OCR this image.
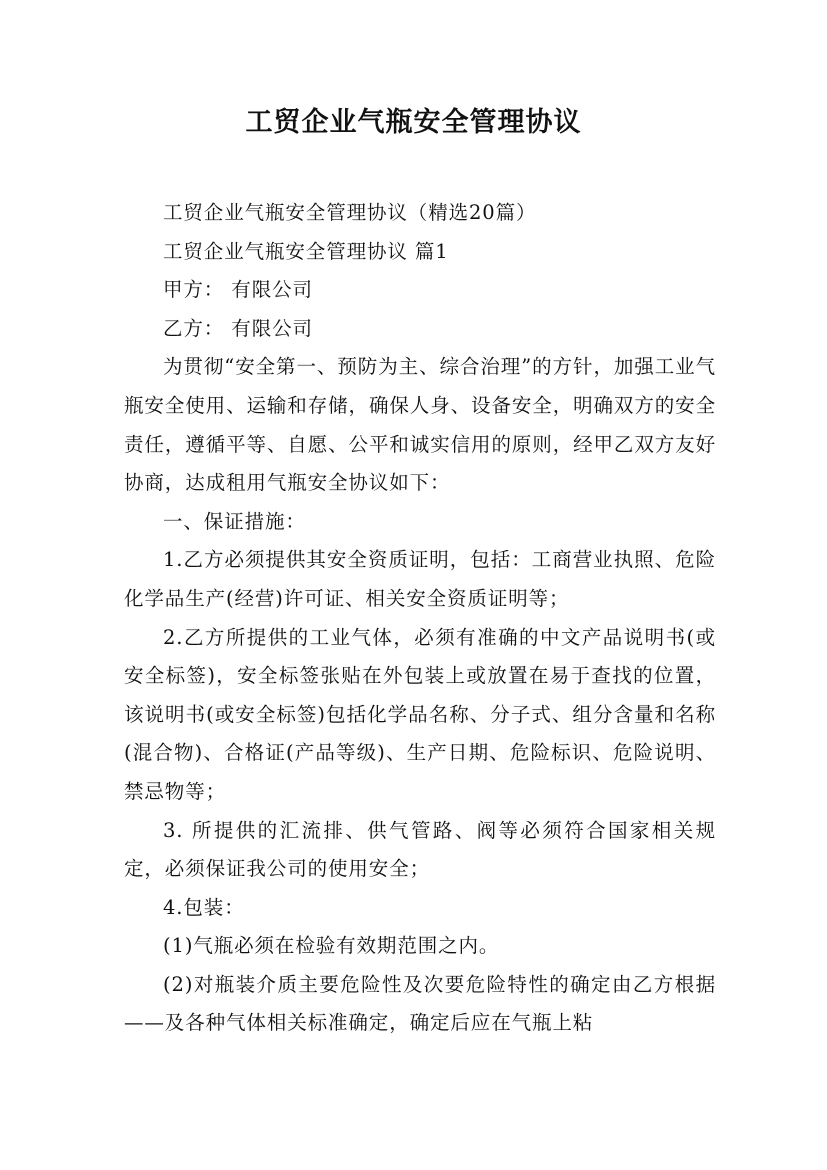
工贸企业气瓶安全管理协议

工贸企业气瓶安全管理协议（精选20篇）

工贸企业气瓶安全管理协议 篇1

甲方： 有限公司

乙方： 有限公司

为贯彻“安全第一、预防为主、综合治理”的方针，加强工业气瓶安全使用、运输和存储，确保人身、设备安全，明确双方的安全责任，遵循平等、自愿、公平和诚实信用的原则，经甲乙双方友好协商，达成租用气瓶安全协议如下：

一、保证措施：

1.乙方必须提供其安全资质证明，包括：工商营业执照、危险化学品生产(经营)许可证、相关安全资质证明等；

2.乙方所提供的工业气体，必须有准确的中文产品说明书(或安全标签)，安全标签张贴在外包装上或放置在易于查找的位置，该说明书(或安全标签)包括化学品名称、分子式、组分含量和名称(混合物)、合格证(产品等级)、生产日期、危险标识、危险说明、禁忌物等；

3. 所提供的汇流排、供气管路、阀等必须符合国家相关规定，必须保证我公司的使用安全；

4.包装：

(1)气瓶必须在检验有效期范围之内。

(2)对瓶装介质主要危险性及次要危险特性的确定由乙方根据——及各种气体相关标准确定，确定后应在气瓶上粘
